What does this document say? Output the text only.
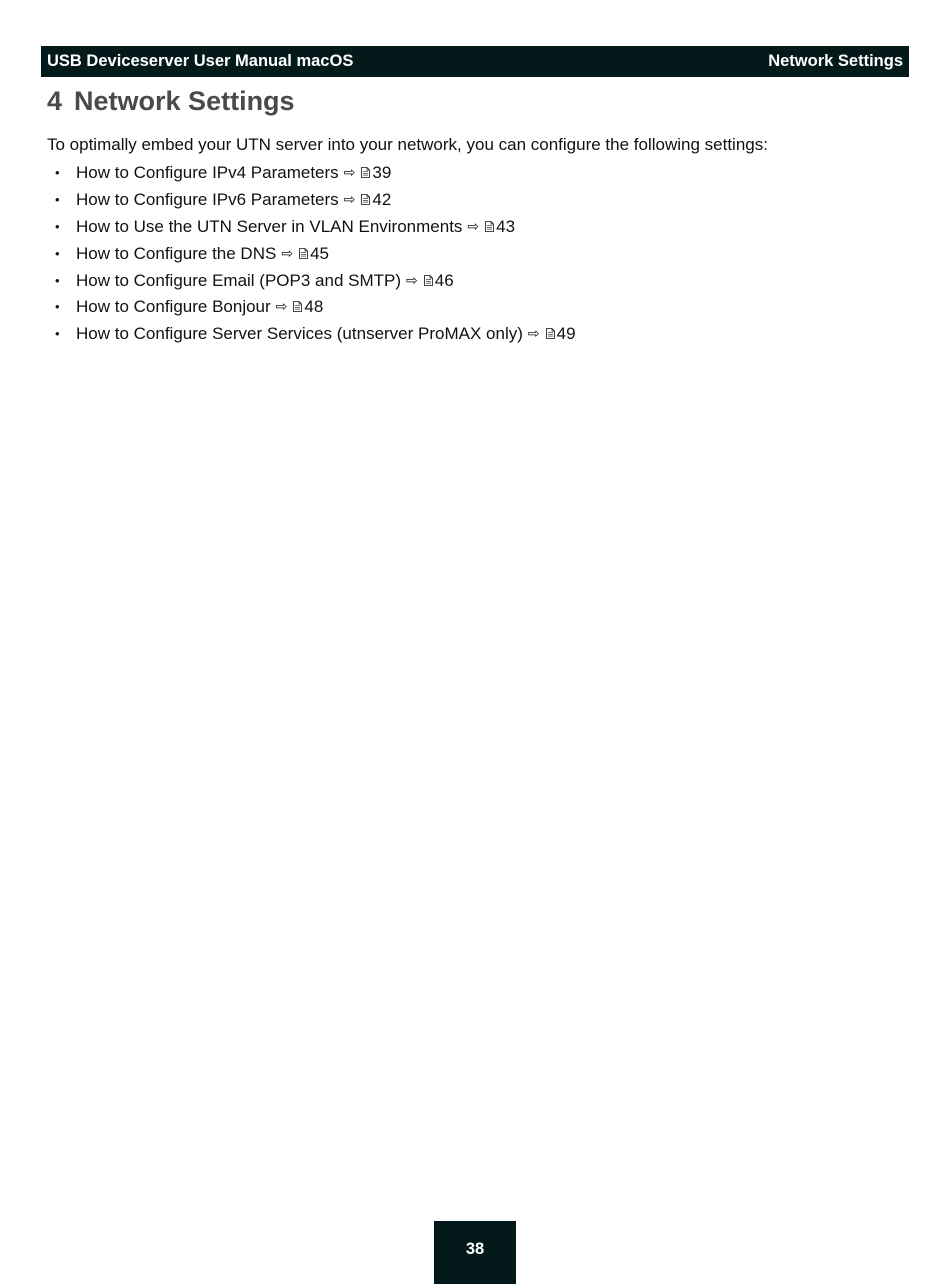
USB Deviceserver User Manual macOS	Network Settings
4 Network Settings

To optimally embed your UTN server into your network, you can configure the following settings:

• How to Configure IPv4 Parameters ⇨ 39
• How to Configure IPv6 Parameters ⇨ 42
• How to Use the UTN Server in VLAN Environments ⇨ 43
• How to Configure the DNS ⇨ 45
• How to Configure Email (POP3 and SMTP) ⇨ 46
• How to Configure Bonjour ⇨ 48
• How to Configure Server Services (utnserver ProMAX only) ⇨ 49
38
